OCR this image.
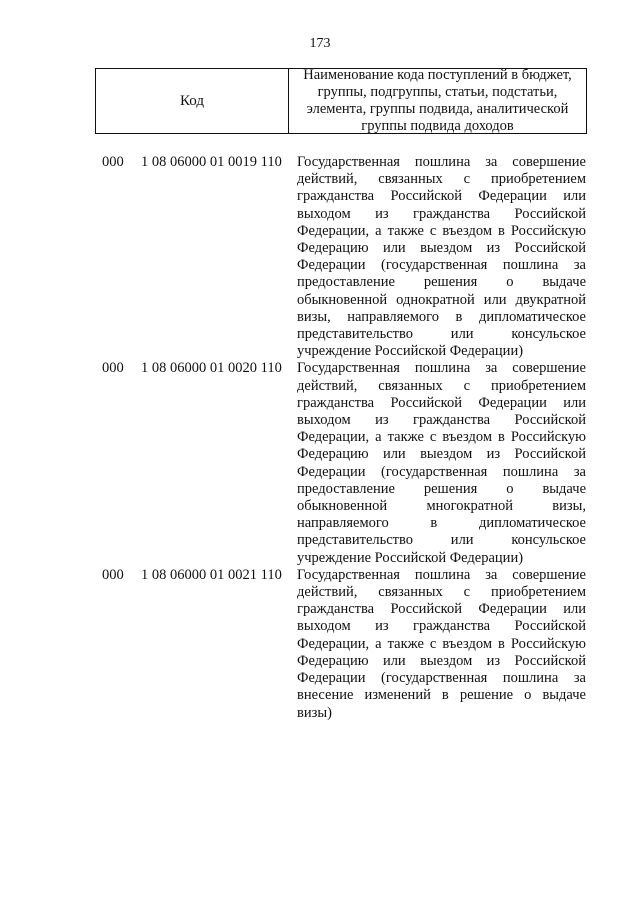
173
Код
Наименование кода поступлений в бюджет, группы, подгруппы, статьи, подстатьи, элемента, группы подвида, аналитической группы подвида доходов
000 1 08 06000 01 0019 110 Государственная пошлина за совершение действий, связанных с приобретением гражданства Российской Федерации или выходом из гражданства Российской Федерации, а также с въездом в Российскую Федерацию или выездом из Российской Федерации (государственная пошлина за предоставление решения о выдаче обыкновенной однократной или двукратной визы, направляемого в дипломатическое представительство или консульское учреждение Российской Федерации)
000 1 08 06000 01 0020 110 Государственная пошлина за совершение действий, связанных с приобретением гражданства Российской Федерации или выходом из гражданства Российской Федерации, а также с въездом в Российскую Федерацию или выездом из Российской Федерации (государственная пошлина за предоставление решения о выдаче обыкновенной многократной визы, направляемого в дипломатическое представительство или консульское учреждение Российской Федерации)
000 1 08 06000 01 0021 110 Государственная пошлина за совершение действий, связанных с приобретением гражданства Российской Федерации или выходом из гражданства Российской Федерации, а также с въездом в Российскую Федерацию или выездом из Российской Федерации (государственная пошлина за внесение изменений в решение о выдаче визы)
